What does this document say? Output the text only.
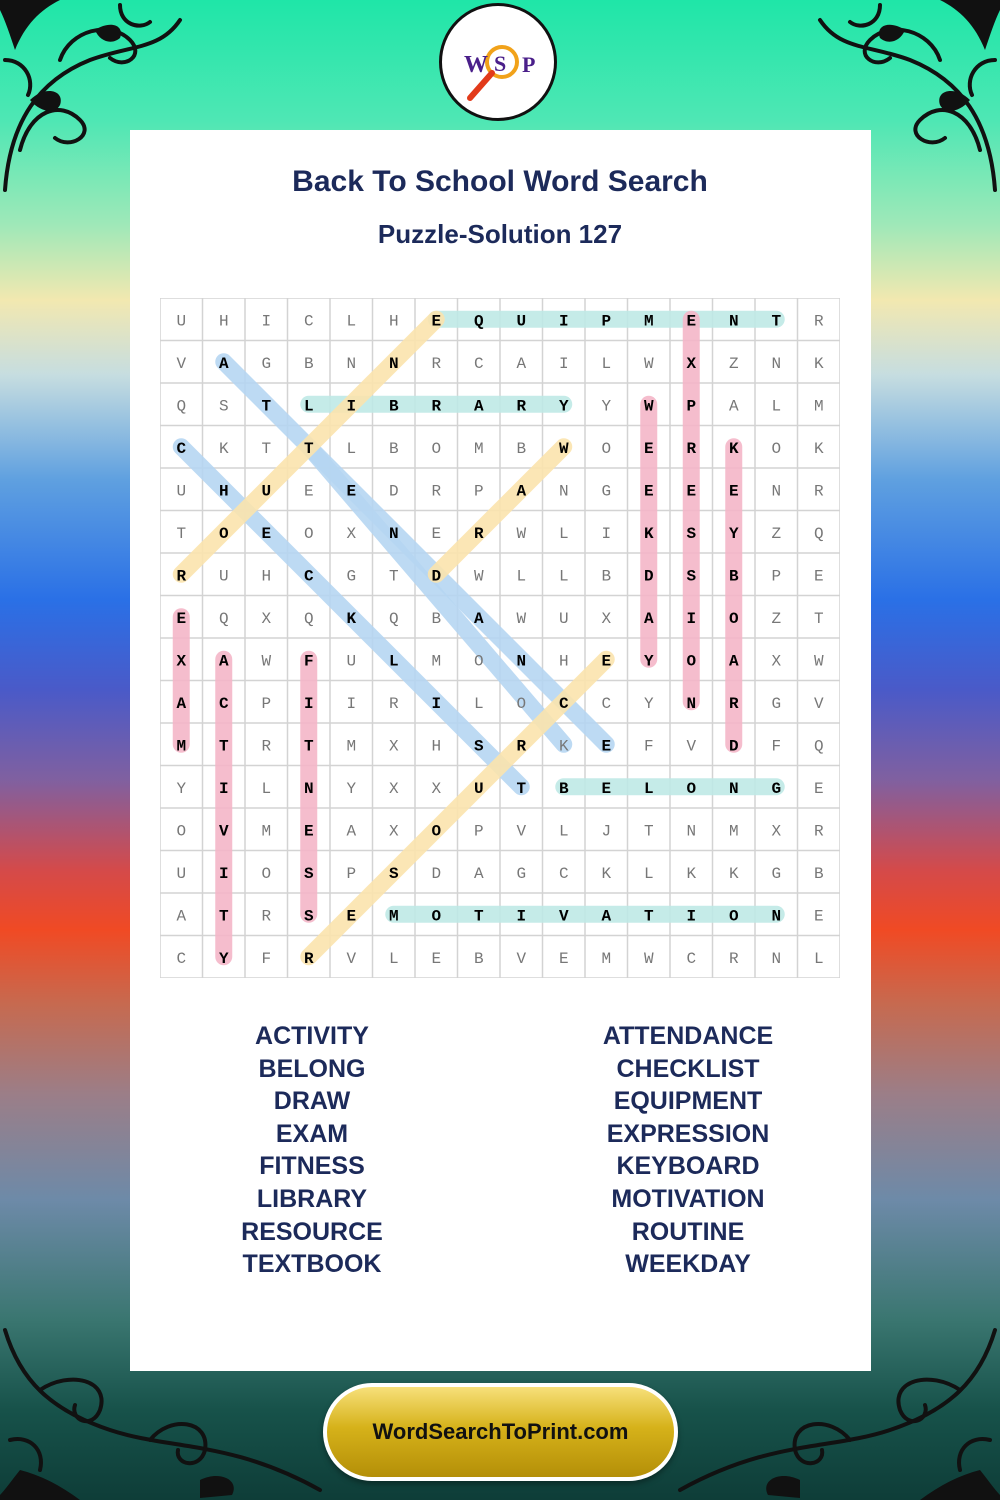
W S P
Back To School Word Search
Puzzle-Solution 127
U H I C L H E Q U I P M E N T R
V A G B N N R C A I L W X Z N K
Q S T L I B R A R Y Y W P A L M
C K T T L B O M B W O E R K O K
U H U E E D R P A N G E E E N R
T O E O X N E R W L I K S Y Z Q
R U H C G T D W L L B D S B P E
E Q X Q K Q B A W U X A I O Z T
X A W F U L M O N H E Y O A X W
A C P I I R I L O C C Y N R G V
M T R T M X H S R K E F V D F Q
Y I L N Y X X U T B E L O N G E
O V M E A X O P V L J T N M X R
U I O S P S D A G C K L K K G B
A T R S E M O T I V A T I O N E
C Y F R V L E B V E M W C R N L
ACTIVITY
BELONG
DRAW
EXAM
FITNESS
LIBRARY
RESOURCE
TEXTBOOK
ATTENDANCE
CHECKLIST
EQUIPMENT
EXPRESSION
KEYBOARD
MOTIVATION
ROUTINE
WEEKDAY
WordSearchToPrint.com
